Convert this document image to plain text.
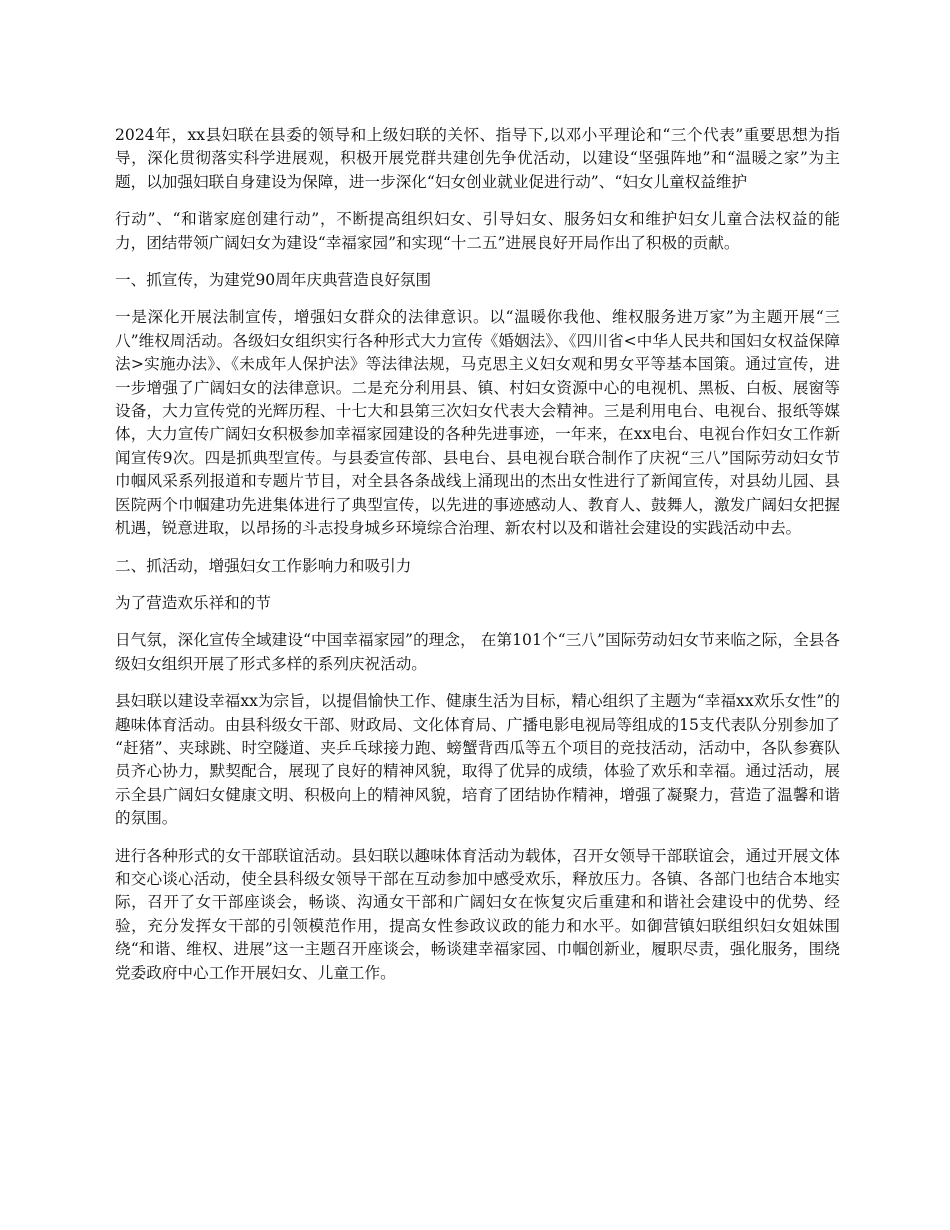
2024年，xx县妇联在县委的领导和上级妇联的关怀、指导下,以邓小平理论和“三个代表”重要思想为指导，深化贯彻落实科学进展观，积极开展党群共建创先争优活动，以建设“坚强阵地”和“温暖之家”为主题，以加强妇联自身建设为保障，进一步深化“妇女创业就业促进行动”、“妇女儿童权益维护

行动”、“和谐家庭创建行动”，不断提高组织妇女、引导妇女、服务妇女和维护妇女儿童合法权益的能力，团结带领广阔妇女为建设“幸福家园”和实现“十二五”进展良好开局作出了积极的贡献。

一、抓宣传，为建党90周年庆典营造良好氛围

一是深化开展法制宣传，增强妇女群众的法律意识。以“温暖你我他、维权服务进万家”为主题开展“三八”维权周活动。各级妇女组织实行各种形式大力宣传《婚姻法》、《四川省<中华人民共和国妇女权益保障法>实施办法》、《未成年人保护法》等法律法规，马克思主义妇女观和男女平等基本国策。通过宣传，进一步增强了广阔妇女的法律意识。二是充分利用县、镇、村妇女资源中心的电视机、黑板、白板、展窗等设备，大力宣传党的光辉历程、十七大和县第三次妇女代表大会精神。三是利用电台、电视台、报纸等媒体，大力宣传广阔妇女积极参加幸福家园建设的各种先进事迹，一年来，在xx电台、电视台作妇女工作新闻宣传9次。四是抓典型宣传。与县委宣传部、县电台、县电视台联合制作了庆祝“三八”国际劳动妇女节巾帼风采系列报道和专题片节目，对全县各条战线上涌现出的杰出女性进行了新闻宣传，对县幼儿园、县医院两个巾帼建功先进集体进行了典型宣传，以先进的事迹感动人、教育人、鼓舞人，激发广阔妇女把握机遇，锐意进取，以昂扬的斗志投身城乡环境综合治理、新农村以及和谐社会建设的实践活动中去。

二、抓活动，增强妇女工作影响力和吸引力

为了营造欢乐祥和的节

日气氛，深化宣传全域建设“中国幸福家园”的理念， 在第101个“三八”国际劳动妇女节来临之际，全县各级妇女组织开展了形式多样的系列庆祝活动。

县妇联以建设幸福xx为宗旨，以提倡愉快工作、健康生活为目标，精心组织了主题为“幸福xx欢乐女性”的趣味体育活动。由县科级女干部、财政局、文化体育局、广播电影电视局等组成的15支代表队分别参加了 “赶猪”、夹球跳、时空隧道、夹乒乓球接力跑、螃蟹背西瓜等五个项目的竞技活动，活动中，各队参赛队员齐心协力，默契配合，展现了良好的精神风貌，取得了优异的成绩，体验了欢乐和幸福。通过活动，展示全县广阔妇女健康文明、积极向上的精神风貌，培育了团结协作精神，增强了凝聚力，营造了温馨和谐的氛围。

进行各种形式的女干部联谊活动。县妇联以趣味体育活动为载体，召开女领导干部联谊会，通过开展文体和交心谈心活动，使全县科级女领导干部在互动参加中感受欢乐，释放压力。各镇、各部门也结合本地实际，召开了女干部座谈会，畅谈、沟通女干部和广阔妇女在恢复灾后重建和和谐社会建设中的优势、经验，充分发挥女干部的引领模范作用，提高女性参政议政的能力和水平。如御营镇妇联组织妇女姐妹围绕“和谐、维权、进展”这一主题召开座谈会，畅谈建幸福家园、巾帼创新业，履职尽责，强化服务，围绕党委政府中心工作开展妇女、儿童工作。
